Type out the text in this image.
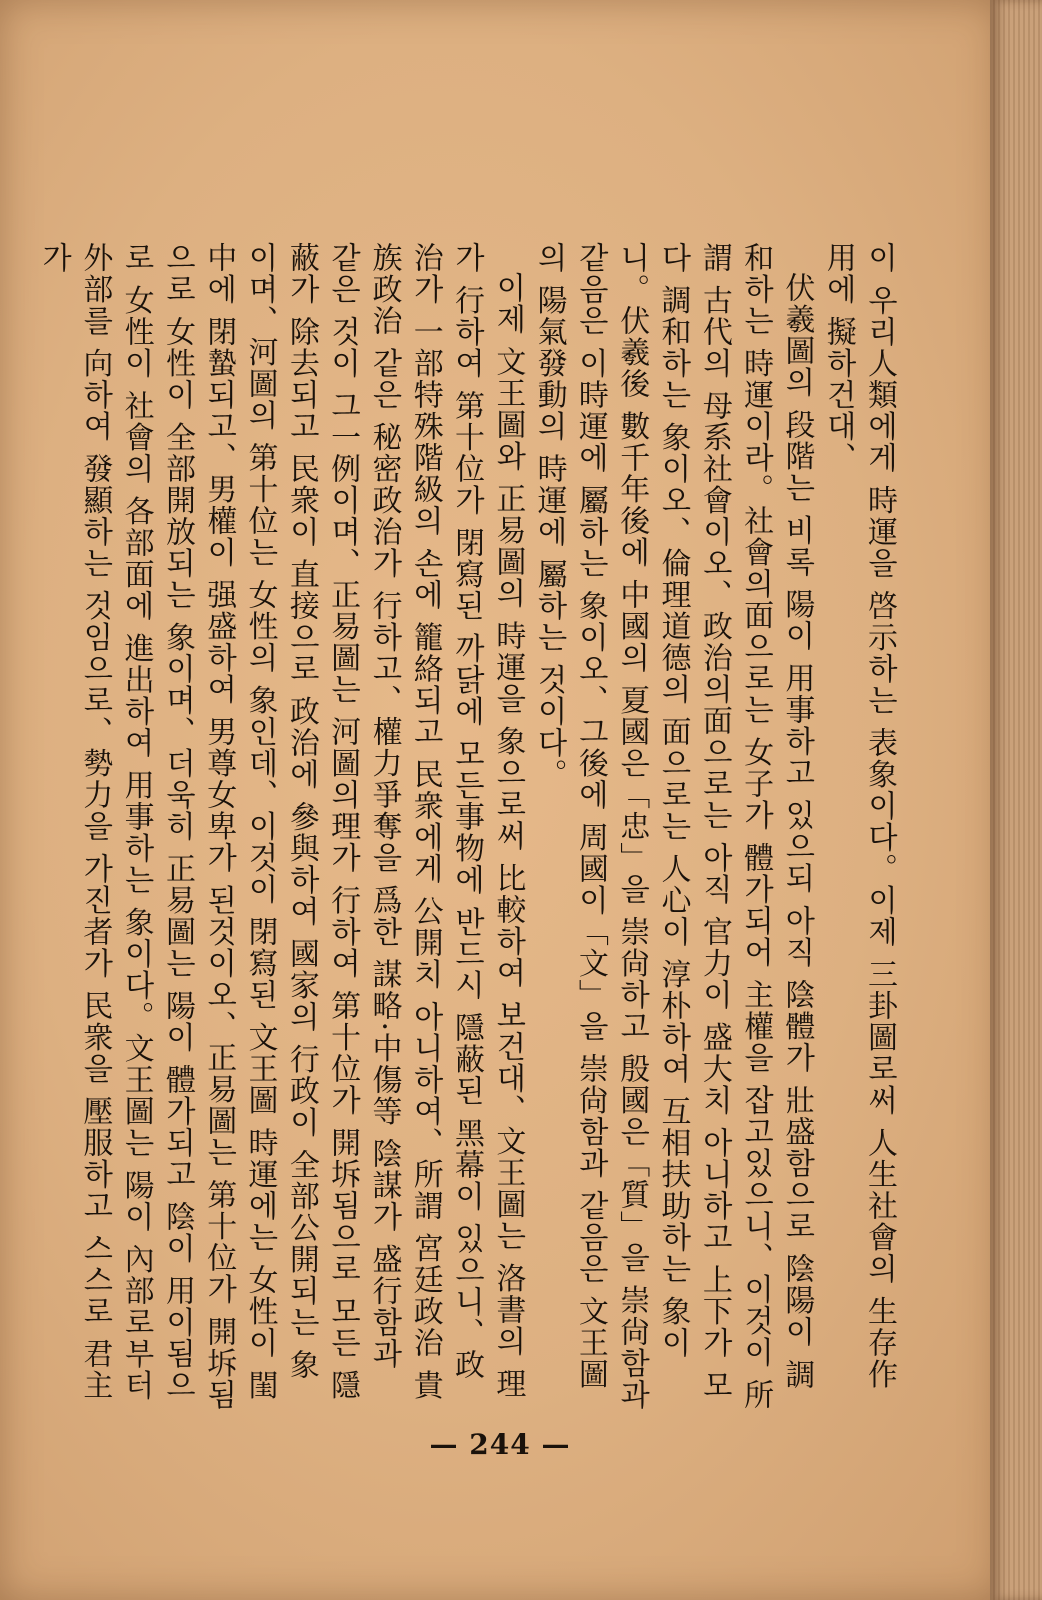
이 우리人類에게 時運을 啓示하는 表象이다。이제 三卦圖로써 人生社會의 生存作用에 擬하건대、

伏羲圖의 段階는 비록 陽이 用事하고 있으되 아직 陰體가 壯盛함으로 陰陽이 調和하는 時運이라。社會의面으로는 女子가 體가되어 主權을 잡고있으니、이것이 所謂 古代의 母系社會이오、政治의面으로는 아직 官力이 盛大치 아니하고 上下가 모다 調和하는 象이오、倫理道德의 面으로는 人心이 淳朴하여 互相扶助하는 象이니。伏羲後 數千年後에 中國의 夏國은「忠」을 崇尙하고 殷國은「質」을 崇尙함과 같음은 이時運에 屬하는 象이오、그後에 周國이「文」을 崇尙함과 같음은 文王圖의 陽氣發動의 時運에 屬하는 것이다。

이제 文王圖와 正易圖의 時運을 象으로써 比較하여 보건대、文王圖는 洛書의 理가 行하여 第十位가 閉寫된 까닭에 모든事物에 반드시 隱蔽된 黑幕이 있으니、政治가 一部特殊階級의 손에 籠絡되고 民衆에게 公開치 아니하여、所謂 宮廷政治 貴族政治 같은 秘密政治가 行하고、權力爭奪을 爲한 謀略·中傷等 陰謀가 盛行함과 같은 것이 그一例이며、正易圖는 河圖의理가 行하여 第十位가 開坼됨으로 모든 隱蔽가 除去되고 民衆이 直接으로 政治에 參與하여 國家의 行政이 全部公開되는 象이며、河圖의 第十位는 女性의 象인데、이것이 閉寫된 文王圖 時運에는 女性이 閨中에 閉蟄되고、男權이 强盛하여 男尊女卑가 된것이오、正易圖는 第十位가 開坼됨으로 女性이 全部開放되는 象이며、더욱히 正易圖는 陽이 體가되고 陰이 用이됨으로 女性이 社會의 各部面에 進出하여 用事하는 象이다。文王圖는 陽이 內部로부터 外部를 向하여 發顯하는 것임으로、勢力을 가진者가 民衆을 壓服하고 스스로 君主가

— 244 —
